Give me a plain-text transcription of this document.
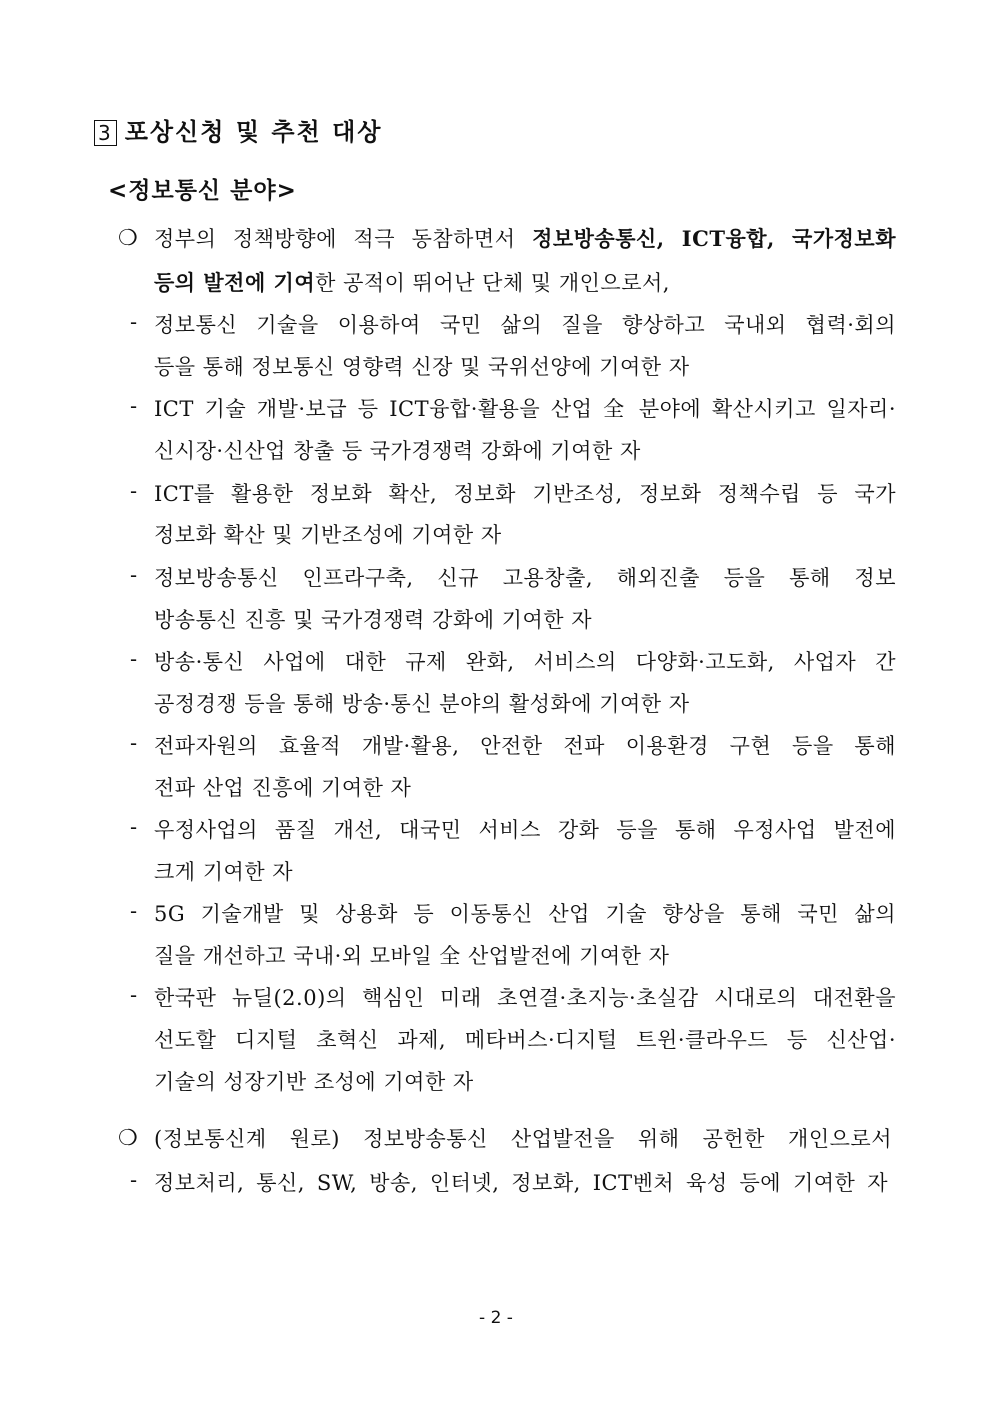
3 포상신청 및 추천 대상
<정보통신 분야>
❍ 정부의 정책방향에 적극 동참하면서 정보방송통신, ICT융합, 국가정보화
등의 발전에 기여한 공적이 뛰어난 단체 및 개인으로서,
- 정보통신 기술을 이용하여 국민 삶의 질을 향상하고 국내외 협력·회의
등을 통해 정보통신 영향력 신장 및 국위선양에 기여한 자
- ICT 기술 개발·보급 등 ICT융합·활용을 산업 全 분야에 확산시키고 일자리·
신시장·신산업 창출 등 국가경쟁력 강화에 기여한 자
- ICT를 활용한 정보화 확산, 정보화 기반조성, 정보화 정책수립 등 국가
정보화 확산 및 기반조성에 기여한 자
- 정보방송통신 인프라구축, 신규 고용창출, 해외진출 등을 통해 정보
방송통신 진흥 및 국가경쟁력 강화에 기여한 자
- 방송·통신 사업에 대한 규제 완화, 서비스의 다양화·고도화, 사업자 간
공정경쟁 등을 통해 방송·통신 분야의 활성화에 기여한 자
- 전파자원의 효율적 개발·활용, 안전한 전파 이용환경 구현 등을 통해
전파 산업 진흥에 기여한 자
- 우정사업의 품질 개선, 대국민 서비스 강화 등을 통해 우정사업 발전에
크게 기여한 자
- 5G 기술개발 및 상용화 등 이동통신 산업 기술 향상을 통해 국민 삶의
질을 개선하고 국내·외 모바일 全 산업발전에 기여한 자
- 한국판 뉴딜(2.0)의 핵심인 미래 초연결·초지능·초실감 시대로의 대전환을
선도할 디지털 초혁신 과제, 메타버스·디지털 트윈·클라우드 등 신산업·
기술의 성장기반 조성에 기여한 자
❍ (정보통신계 원로) 정보방송통신 산업발전을 위해 공헌한 개인으로서
- 정보처리, 통신, SW, 방송, 인터넷, 정보화, ICT벤처 육성 등에 기여한 자
- 2 -
